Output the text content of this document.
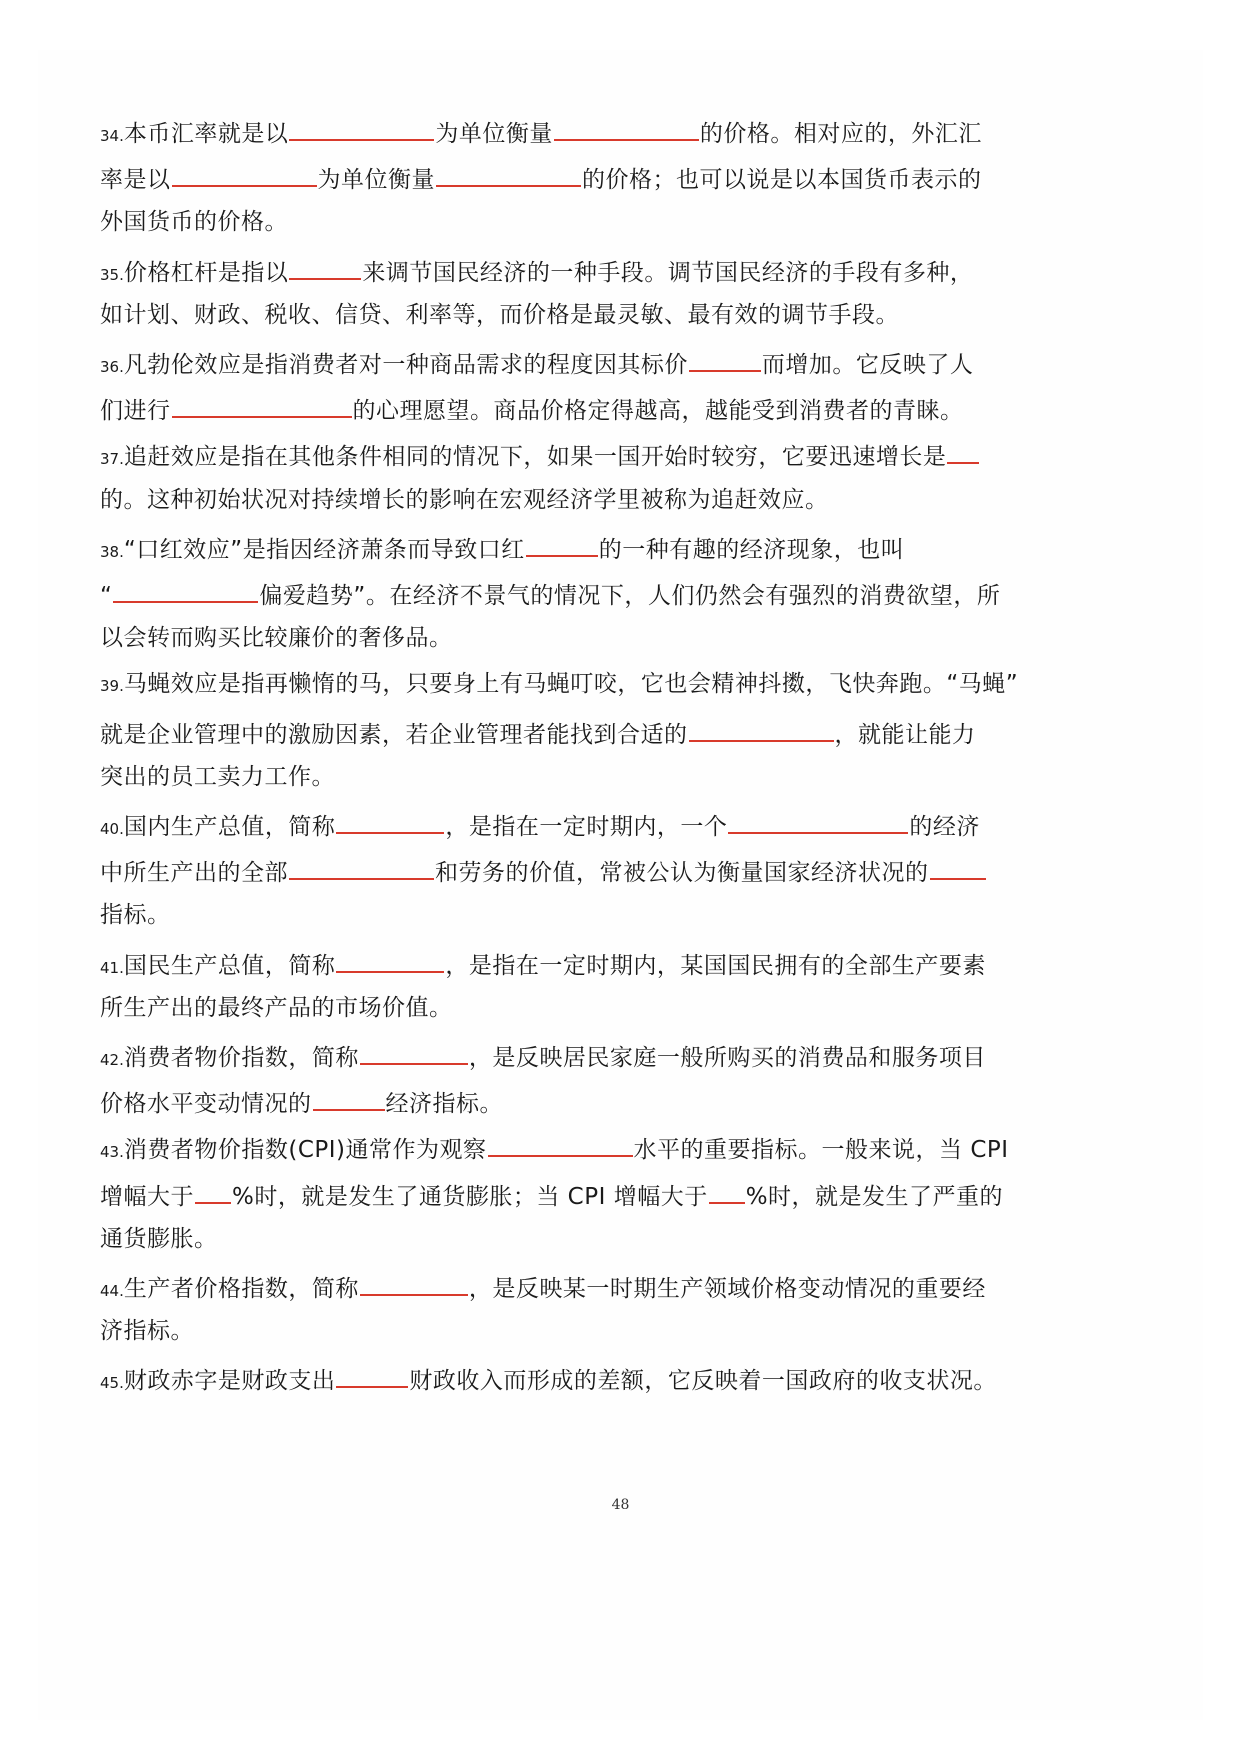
34.本币汇率就是以	为单位衡量	的价格。相对应的，外汇汇
率是以	为单位衡量	的价格；也可以说是以本国货币表示的
外国货币的价格。
35.价格杠杆是指以	来调节国民经济的一种手段。调节国民经济的手段有多种，
如计划、财政、税收、信贷、利率等，而价格是最灵敏、最有效的调节手段。
36.凡勃伦效应是指消费者对一种商品需求的程度因其标价	而增加。它反映了人
们进行	的心理愿望。商品价格定得越高，越能受到消费者的青睐。
37.追赶效应是指在其他条件相同的情况下，如果一国开始时较穷，它要迅速增长是
的。这种初始状况对持续增长的影响在宏观经济学里被称为追赶效应。
38.“口红效应”是指因经济萧条而导致口红	的一种有趣的经济现象，也叫
“	偏爱趋势”。在经济不景气的情况下，人们仍然会有强烈的消费欲望，所
以会转而购买比较廉价的奢侈品。
39.马蝇效应是指再懒惰的马，只要身上有马蝇叮咬，它也会精神抖擞，飞快奔跑。“马蝇”
就是企业管理中的激励因素，若企业管理者能找到合适的	，就能让能力
突出的员工卖力工作。
40.国内生产总值，简称	，是指在一定时期内，一个	的经济
中所生产出的全部	和劳务的价值，常被公认为衡量国家经济状况的
指标。
41.国民生产总值，简称	，是指在一定时期内，某国国民拥有的全部生产要素
所生产出的最终产品的市场价值。
42.消费者物价指数，简称	，是反映居民家庭一般所购买的消费品和服务项目
价格水平变动情况的	经济指标。
43.消费者物价指数(CPI)通常作为观察	水平的重要指标。一般来说，当 CPI
增幅大于 %时，就是发生了通货膨胀；当 CPI 增幅大于 %时，就是发生了严重的
通货膨胀。
44.生产者价格指数，简称	，是反映某一时期生产领域价格变动情况的重要经
济指标。
45.财政赤字是财政支出	财政收入而形成的差额，它反映着一国政府的收支状况。
48
